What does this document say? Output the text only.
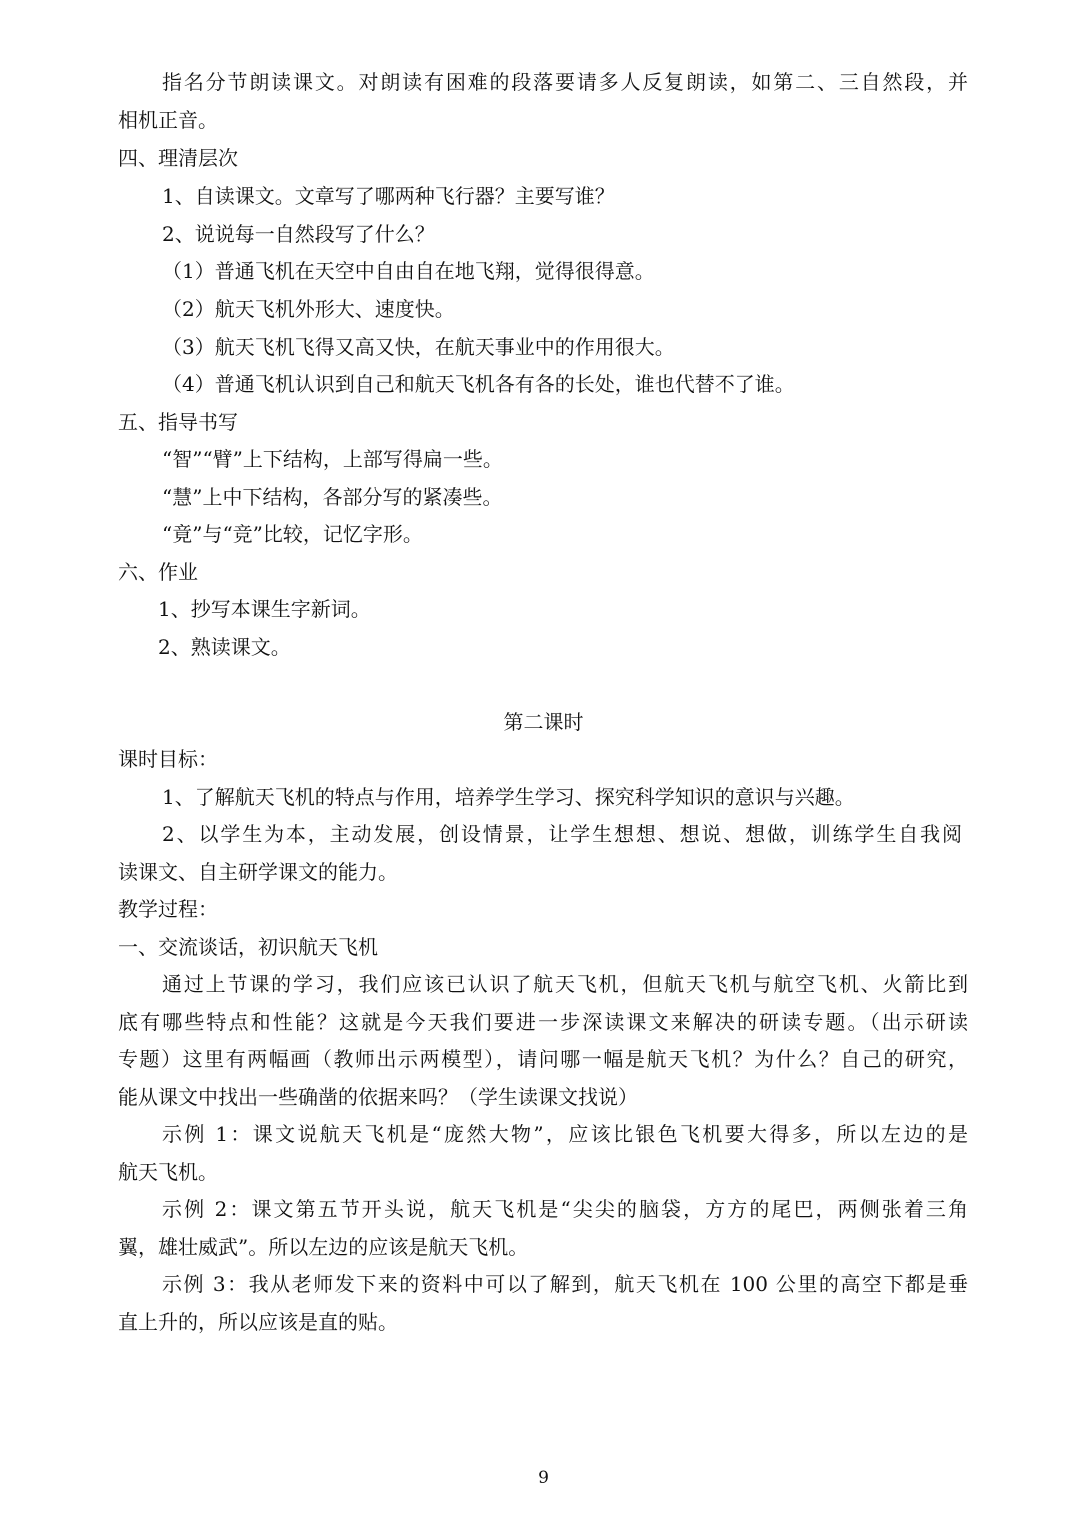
指名分节朗读课文。对朗读有困难的段落要请多人反复朗读，如第二、三自然段，并

相机正音。

四、理清层次

1、自读课文。文章写了哪两种飞行器？主要写谁？

2、说说每一自然段写了什么？

（1）普通飞机在天空中自由自在地飞翔，觉得很得意。

（2）航天飞机外形大、速度快。

（3）航天飞机飞得又高又快，在航天事业中的作用很大。

（4）普通飞机认识到自己和航天飞机各有各的长处，谁也代替不了谁。

五、指导书写

“智”“臂”上下结构，上部写得扁一些。

“慧”上中下结构，各部分写的紧凑些。

“竟”与“竞”比较，记忆字形。

六、作业

1、抄写本课生字新词。

2、熟读课文。

第二课时

课时目标：

1、了解航天飞机的特点与作用，培养学生学习、探究科学知识的意识与兴趣。

2、以学生为本，主动发展，创设情景，让学生想想、想说、想做，训练学生自我阅

读课文、自主研学课文的能力。

教学过程：

一、交流谈话，初识航天飞机

通过上节课的学习，我们应该已认识了航天飞机，但航天飞机与航空飞机、火箭比到

底有哪些特点和性能？这就是今天我们要进一步深读课文来解决的研读专题。（出示研读

专题）这里有两幅画（教师出示两模型），请问哪一幅是航天飞机？为什么？自己的研究，

能从课文中找出一些确凿的依据来吗？（学生读课文找说）

示例 1：课文说航天飞机是“庞然大物”，应该比银色飞机要大得多，所以左边的是

航天飞机。

示例 2：课文第五节开头说，航天飞机是“尖尖的脑袋，方方的尾巴，两侧张着三角

翼，雄壮威武”。所以左边的应该是航天飞机。

示例 3：我从老师发下来的资料中可以了解到，航天飞机在 100 公里的高空下都是垂

直上升的，所以应该是直的贴。

9
